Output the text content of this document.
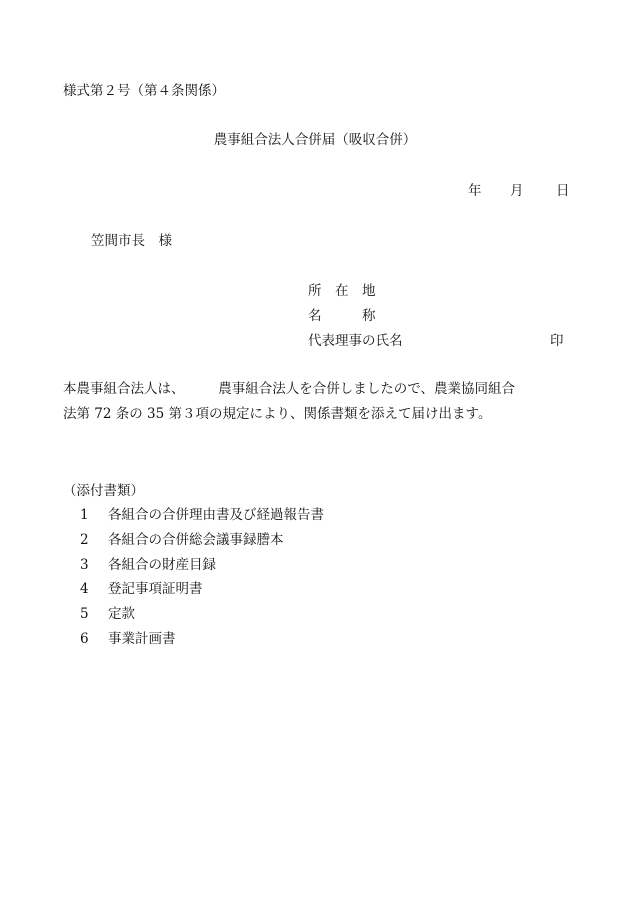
様式第２号（第４条関係）
農事組合法人合併届（吸収合併）
年 月 日
笠間市長　様
所　在　地
名　　　称
代表理事の氏名	印
本農事組合法人は、　　　農事組合法人を合併しましたので、農業協同組合
法第 72 条の 35 第３項の規定により、関係書類を添えて届け出ます。
（添付書類）
1 各組合の合併理由書及び経過報告書
2 各組合の合併総会議事録謄本
3 各組合の財産目録
4 登記事項証明書
5 定款
6 事業計画書
